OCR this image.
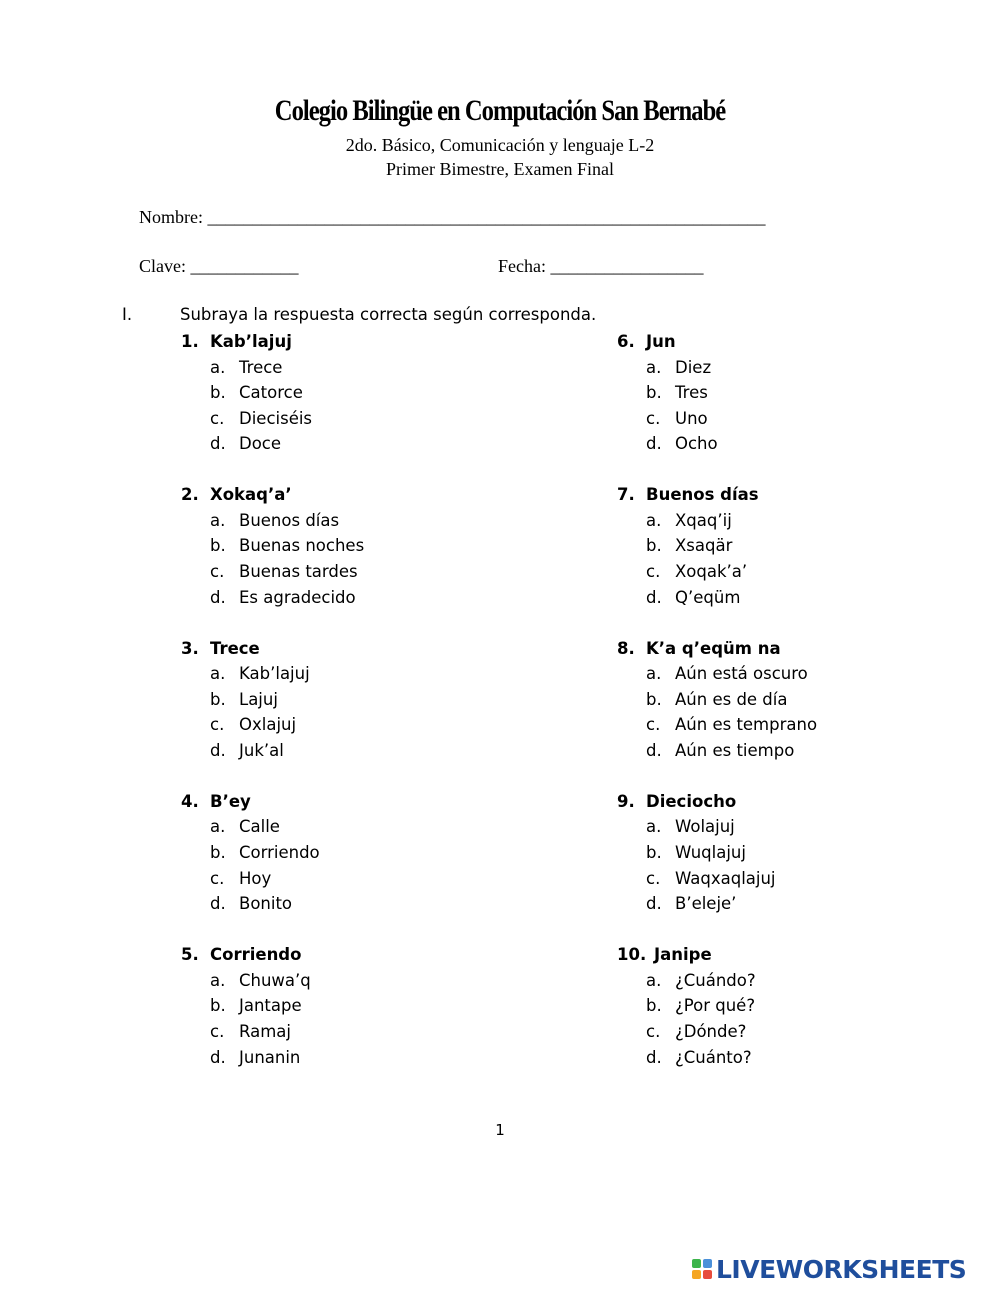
Colegio Bilingüe en Computación San Bernabé
2do. Básico, Comunicación y lenguaje L-2
Primer Bimestre, Examen Final
Nombre: ______________________________________________________________
Clave: ____________	Fecha: _________________
I.	Subraya la respuesta correcta según corresponda.
1. Kab’lajuj
a. Trece
b. Catorce
c. Dieciséis
d. Doce
2. Xokaq’a’
a. Buenos días
b. Buenas noches
c. Buenas tardes
d. Es agradecido
3. Trece
a. Kab’lajuj
b. Lajuj
c. Oxlajuj
d. Juk’al
4. B’ey
a. Calle
b. Corriendo
c. Hoy
d. Bonito
5. Corriendo
a. Chuwa’q
b. Jantape
c. Ramaj
d. Junanin
6. Jun
a. Diez
b. Tres
c. Uno
d. Ocho
7. Buenos días
a. Xqaq’ij
b. Xsaqär
c. Xoqak’a’
d. Q’eqüm
8. K’a q’eqüm na
a. Aún está oscuro
b. Aún es de día
c. Aún es temprano
d. Aún es tiempo
9. Dieciocho
a. Wolajuj
b. Wuqlajuj
c. Waqxaqlajuj
d. B’eleje’
10. Janipe
a. ¿Cuándo?
b. ¿Por qué?
c. ¿Dónde?
d. ¿Cuánto?
1
LIVEWORKSHEETS
